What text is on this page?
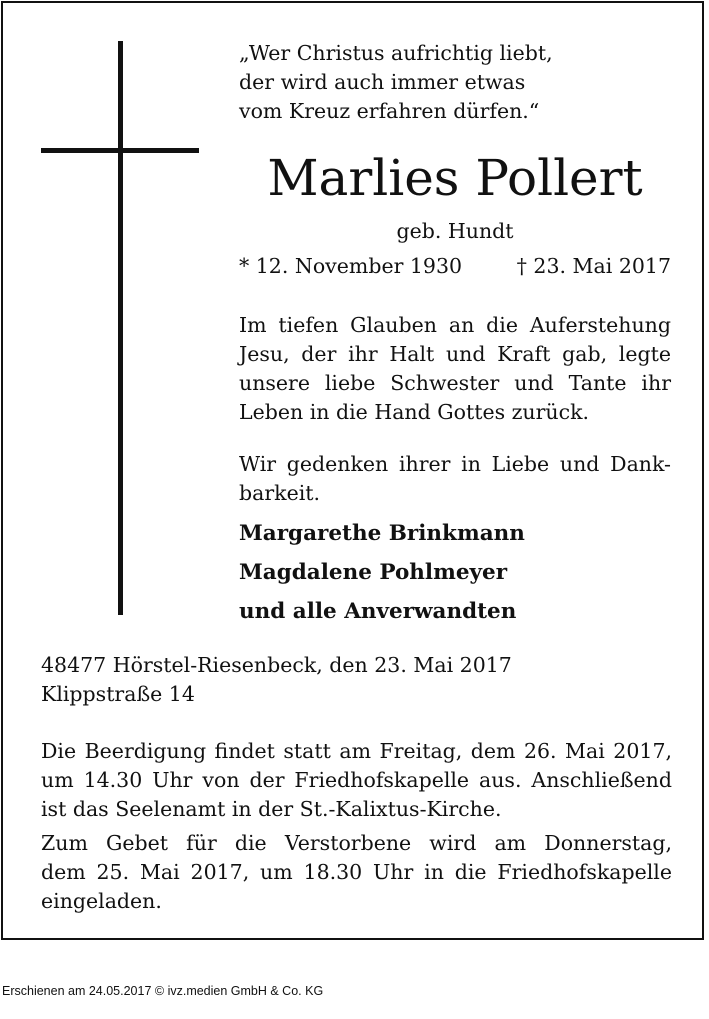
„Wer Christus aufrichtig liebt,
der wird auch immer etwas
vom Kreuz erfahren dürfen.“
Marlies Pollert
geb. Hundt
* 12. November 1930	† 23. Mai 2017
Im tiefen Glauben an die Auferstehung
Jesu, der ihr Halt und Kraft gab, legte
unsere liebe Schwester und Tante ihr
Leben in die Hand Gottes zurück.
Wir gedenken ihrer in Liebe und Dank-
barkeit.
Margarethe Brinkmann
Magdalene Pohlmeyer
und alle Anverwandten
48477 Hörstel-Riesenbeck, den 23. Mai 2017
Klippstraße 14
Die Beerdigung findet statt am Freitag, dem 26. Mai 2017,
um 14.30 Uhr von der Friedhofskapelle aus. Anschließend
ist das Seelenamt in der St.-Kalixtus-Kirche.
Zum Gebet für die Verstorbene wird am Donnerstag,
dem 25. Mai 2017, um 18.30 Uhr in die Friedhofskapelle
eingeladen.
Erschienen am 24.05.2017 © ivz.medien GmbH & Co. KG
